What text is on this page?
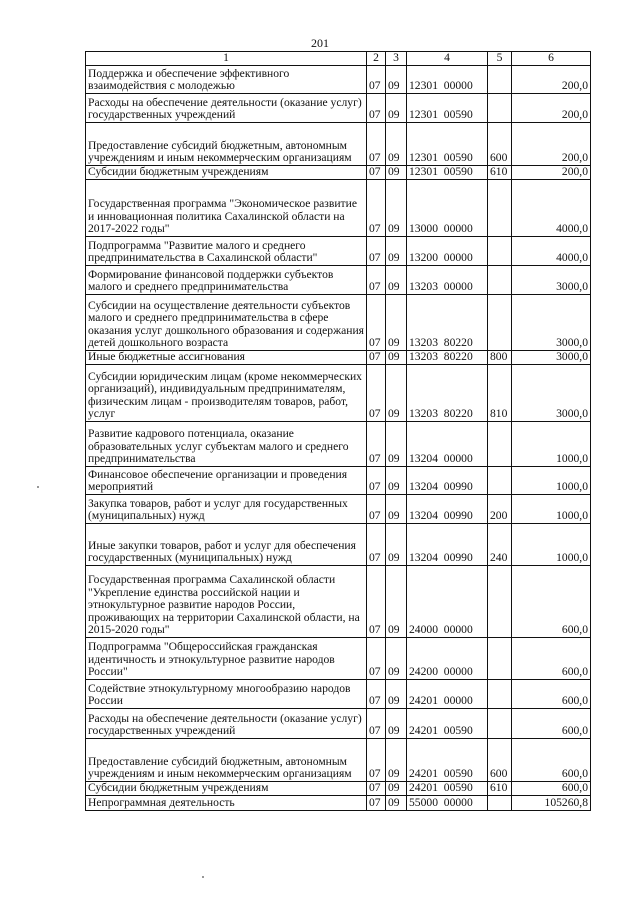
201
1	2	3	4	5	6
Поддержка и обеспечение эффективного взаимодействия с молодежью	07	09	12301  00000		200,0
Расходы на обеспечение деятельности (оказание услуг) государственных учреждений	07	09	12301  00590		200,0
Предоставление субсидий бюджетным, автономным учреждениям и иным некоммерческим организациям	07	09	12301  00590	600	200,0
Субсидии бюджетным учреждениям	07	09	12301  00590	610	200,0
Государственная программа "Экономическое развитие и инновационная политика Сахалинской области на 2017-2022 годы"	07	09	13000  00000		4000,0
Подпрограмма "Развитие малого и среднего предпринимательства в Сахалинской области"	07	09	13200  00000		4000,0
Формирование финансовой поддержки субъектов малого и среднего предпринимательства	07	09	13203  00000		3000,0
Субсидии на осуществление деятельности субъектов малого и среднего предпринимательства в сфере оказания услуг дошкольного образования и содержания детей дошкольного возраста	07	09	13203  80220		3000,0
Иные бюджетные ассигнования	07	09	13203  80220	800	3000,0
Субсидии юридическим лицам (кроме некоммерческих организаций), индивидуальным предпринимателям, физическим лицам - производителям товаров, работ, услуг	07	09	13203  80220	810	3000,0
Развитие кадрового потенциала, оказание образовательных услуг субъектам малого и среднего предпринимательства	07	09	13204  00000		1000,0
Финансовое обеспечение организации и проведения мероприятий	07	09	13204  00990		1000,0
Закупка товаров, работ и услуг для государственных (муниципальных) нужд	07	09	13204  00990	200	1000,0
Иные закупки товаров, работ и услуг для обеспечения государственных (муниципальных) нужд	07	09	13204  00990	240	1000,0
Государственная программа Сахалинской области "Укрепление единства российской нации и этнокультурное развитие народов России, проживающих на территории Сахалинской области, на 2015-2020 годы"	07	09	24000  00000		600,0
Подпрограмма "Общероссийская гражданская идентичность и этнокультурное развитие народов России"	07	09	24200  00000		600,0
Содействие этнокультурному многообразию народов России	07	09	24201  00000		600,0
Расходы на обеспечение деятельности (оказание услуг) государственных учреждений	07	09	24201  00590		600,0
Предоставление субсидий бюджетным, автономным учреждениям и иным некоммерческим организациям	07	09	24201  00590	600	600,0
Субсидии бюджетным учреждениям	07	09	24201  00590	610	600,0
Непрограммная деятельность	07	09	55000  00000		105260,8
